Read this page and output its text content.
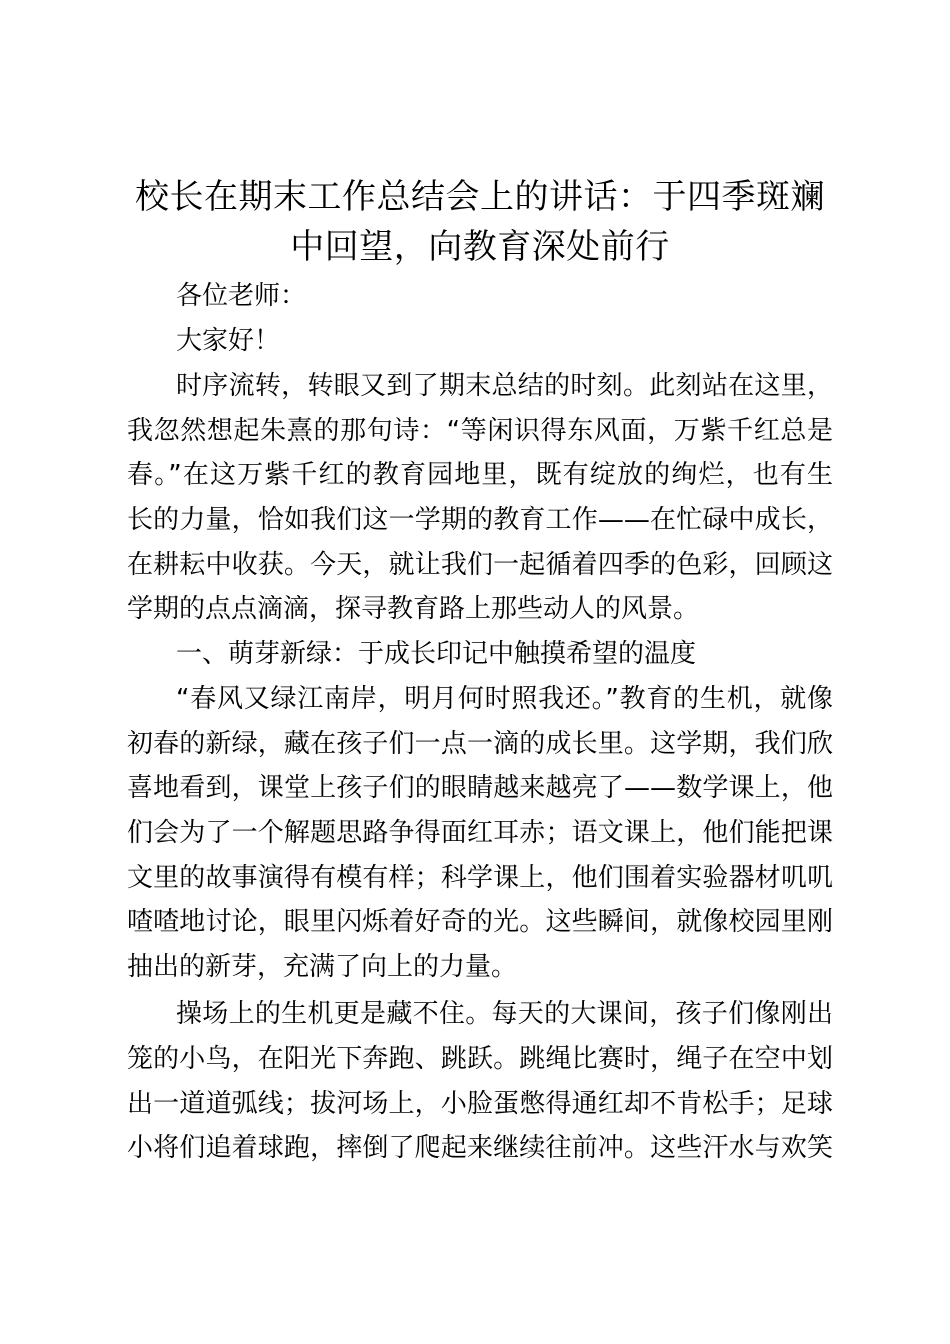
校长在期末工作总结会上的讲话：于四季斑斓
中回望，向教育深处前行
各位老师：
大家好！
时序流转，转眼又到了期末总结的时刻。此刻站在这里，
我忽然想起朱熹的那句诗：“等闲识得东风面，万紫千红总是
春。”在这万紫千红的教育园地里，既有绽放的绚烂，也有生
长的力量，恰如我们这一学期的教育工作——在忙碌中成长，
在耕耘中收获。今天，就让我们一起循着四季的色彩，回顾这
学期的点点滴滴，探寻教育路上那些动人的风景。
一、萌芽新绿：于成长印记中触摸希望的温度
“春风又绿江南岸，明月何时照我还。”教育的生机，就像
初春的新绿，藏在孩子们一点一滴的成长里。这学期，我们欣
喜地看到，课堂上孩子们的眼睛越来越亮了——数学课上，他
们会为了一个解题思路争得面红耳赤；语文课上，他们能把课
文里的故事演得有模有样；科学课上，他们围着实验器材叽叽
喳喳地讨论，眼里闪烁着好奇的光。这些瞬间，就像校园里刚
抽出的新芽，充满了向上的力量。
操场上的生机更是藏不住。每天的大课间，孩子们像刚出
笼的小鸟，在阳光下奔跑、跳跃。跳绳比赛时，绳子在空中划
出一道道弧线；拔河场上，小脸蛋憋得通红却不肯松手；足球
小将们追着球跑，摔倒了爬起来继续往前冲。这些汗水与欢笑
